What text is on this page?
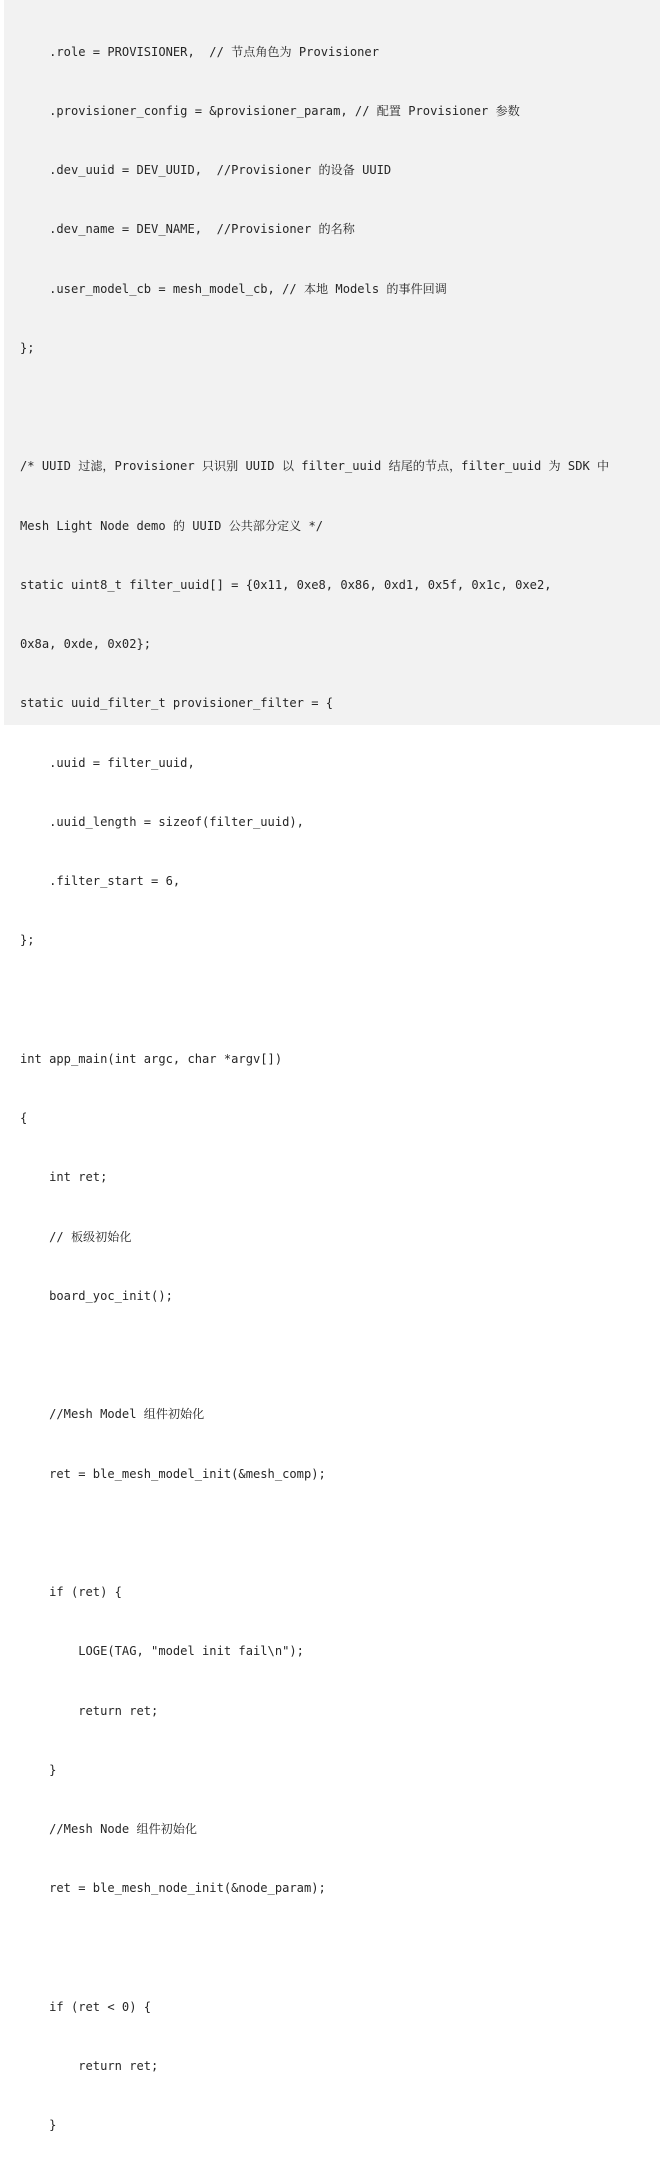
.role = PROVISIONER,  // 节点角色为 Provisioner

.provisioner_config = &provisioner_param, // 配置 Provisioner 参数

.dev_uuid = DEV_UUID,  //Provisioner 的设备 UUID

.dev_name = DEV_NAME,  //Provisioner 的名称

.user_model_cb = mesh_model_cb, // 本地 Models 的事件回调

};

/* UUID 过滤，Provisioner 只识别 UUID 以 filter_uuid 结尾的节点，filter_uuid 为 SDK 中

Mesh Light Node demo 的 UUID 公共部分定义 */

static uint8_t filter_uuid[] = {0x11, 0xe8, 0x86, 0xd1, 0x5f, 0x1c, 0xe2,

0x8a, 0xde, 0x02};

static uuid_filter_t provisioner_filter = {

.uuid = filter_uuid,

.uuid_length = sizeof(filter_uuid),

.filter_start = 6,

};

int app_main(int argc, char *argv[])

{

int ret;

// 板级初始化

board_yoc_init();

//Mesh Model 组件初始化

ret = ble_mesh_model_init(&mesh_comp);

if (ret) {

LOGE(TAG, "model init fail\n");

return ret;

}

//Mesh Node 组件初始化

ret = ble_mesh_node_init(&node_param);

if (ret < 0) {

return ret;

}
